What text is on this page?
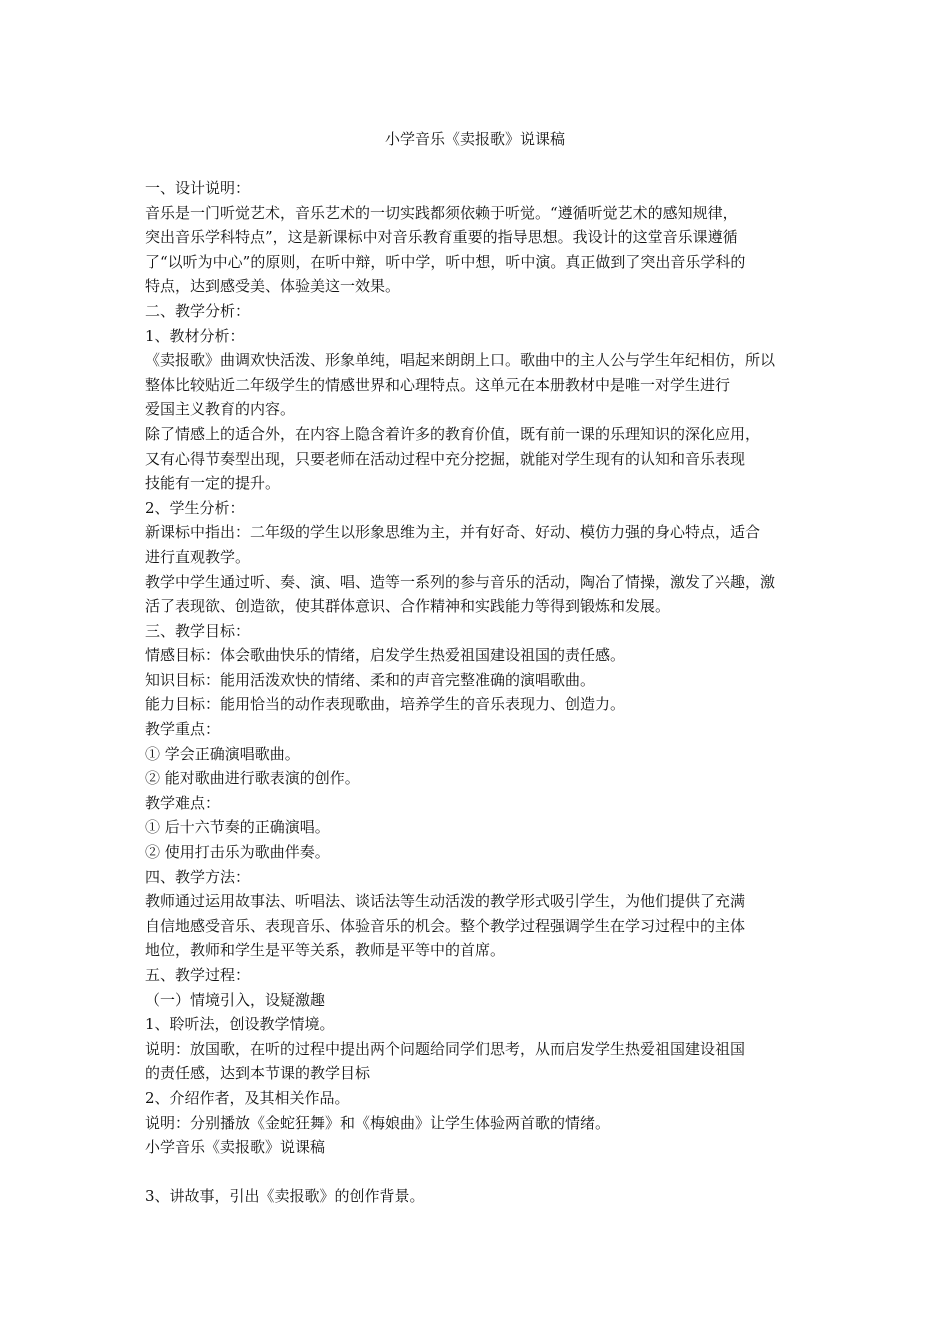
小学音乐《卖报歌》说课稿
一、设计说明：
音乐是一门听觉艺术，音乐艺术的一切实践都须依赖于听觉。“遵循听觉艺术的感知规律，
突出音乐学科特点”，这是新课标中对音乐教育重要的指导思想。我设计的这堂音乐课遵循
了“以听为中心”的原则，在听中辩，听中学，听中想，听中演。真正做到了突出音乐学科的
特点，达到感受美、体验美这一效果。
二、教学分析：
1、教材分析：
《卖报歌》曲调欢快活泼、形象单纯，唱起来朗朗上口。歌曲中的主人公与学生年纪相仿，所以
整体比较贴近二年级学生的情感世界和心理特点。这单元在本册教材中是唯一对学生进行
爱国主义教育的内容。
除了情感上的适合外，在内容上隐含着许多的教育价值，既有前一课的乐理知识的深化应用，
又有心得节奏型出现，只要老师在活动过程中充分挖掘，就能对学生现有的认知和音乐表现
技能有一定的提升。
2、学生分析：
新课标中指出：二年级的学生以形象思维为主，并有好奇、好动、模仿力强的身心特点，适合
进行直观教学。
教学中学生通过听、奏、演、唱、造等一系列的参与音乐的活动，陶冶了情操，激发了兴趣，激
活了表现欲、创造欲，使其群体意识、合作精神和实践能力等得到锻炼和发展。
三、教学目标：
情感目标：体会歌曲快乐的情绪，启发学生热爱祖国建设祖国的责任感。
知识目标：能用活泼欢快的情绪、柔和的声音完整准确的演唱歌曲。
能力目标：能用恰当的动作表现歌曲，培养学生的音乐表现力、创造力。
教学重点：
① 学会正确演唱歌曲。
② 能对歌曲进行歌表演的创作。
教学难点：
① 后十六节奏的正确演唱。
② 使用打击乐为歌曲伴奏。
四、教学方法：
教师通过运用故事法、听唱法、谈话法等生动活泼的教学形式吸引学生，为他们提供了充满
自信地感受音乐、表现音乐、体验音乐的机会。整个教学过程强调学生在学习过程中的主体
地位，教师和学生是平等关系，教师是平等中的首席。
五、教学过程：
（一）情境引入，设疑激趣
1、聆听法，创设教学情境。
说明：放国歌，在听的过程中提出两个问题给同学们思考，从而启发学生热爱祖国建设祖国
的责任感，达到本节课的教学目标
2、介绍作者，及其相关作品。
说明：分别播放《金蛇狂舞》和《梅娘曲》让学生体验两首歌的情绪。
小学音乐《卖报歌》说课稿
3、讲故事，引出《卖报歌》的创作背景。
